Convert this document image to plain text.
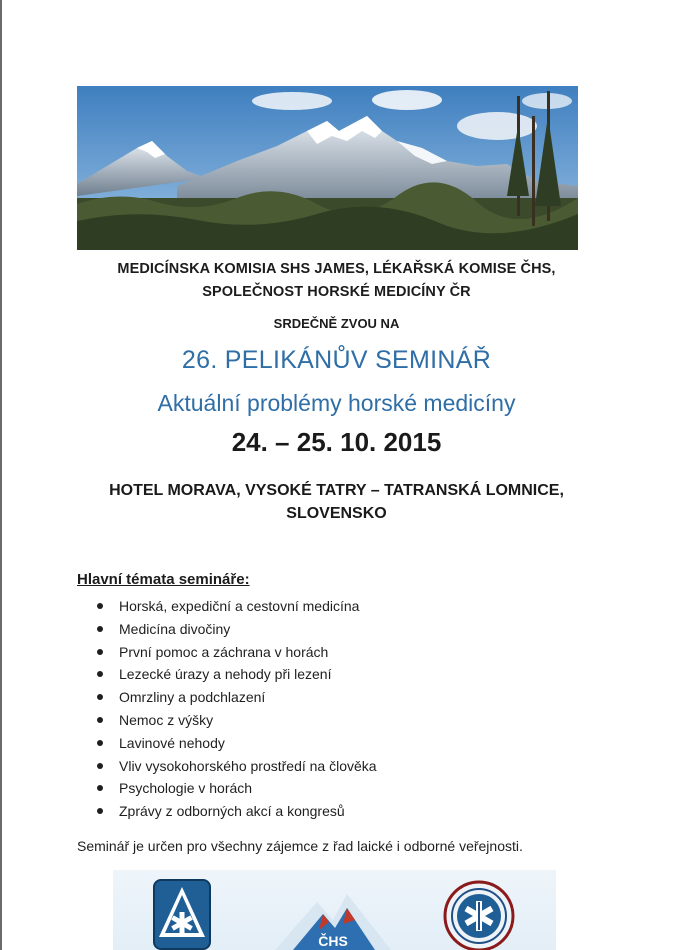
MEDICÍNSKA KOMISIA SHS JAMES, LÉKAŘSKÁ KOMISE ČHS,
SPOLEČNOST HORSKÉ MEDICÍNY ČR
SRDEČNĚ ZVOU NA
26. PELIKÁNŮV SEMINÁŘ
Aktuální problémy horské medicíny
24. – 25. 10. 2015
HOTEL MORAVA, VYSOKÉ TATRY – TATRANSKÁ LOMNICE,
SLOVENSKO
Hlavní témata semináře:
Horská, expediční a cestovní medicína
Medicína divočiny
První pomoc a záchrana v horách
Lezecké úrazy a nehody při lezení
Omrzliny a podchlazení
Nemoc z výšky
Lavinové nehody
Vliv vysokohorského prostředí na člověka
Psychologie v horách
Zprávy z odborných akcí a kongresů
Seminář je určen pro všechny zájemce z řad laické i odborné veřejnosti.
ČHS
